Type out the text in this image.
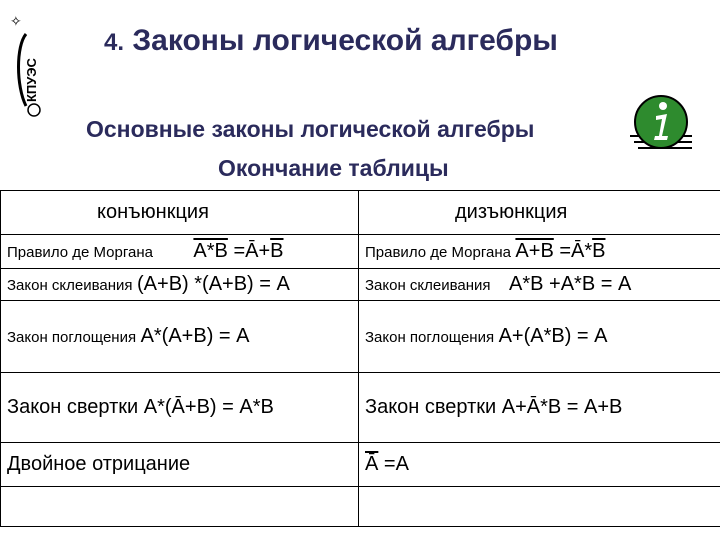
✧
КПУЭС
4. Законы логической алгебры
Основные законы логической алгебры
Окончание таблицы
конъюнкция	дизъюнкция
Правило де Моргана А*В =Ā+В	Правило де Моргана А+В =Ā*В
Закон склеивания (А+В) *(А+В) = А	Закон склеивания А*В +А*В = А
Закон поглощения А*(А+В) = А	Закон поглощения А+(А*В) = А
Закон свертки А*(Ā+В) = А*В	Закон свертки А+Ā*В = А+В
Двойное отрицание	$\overline{Ā} =А$
